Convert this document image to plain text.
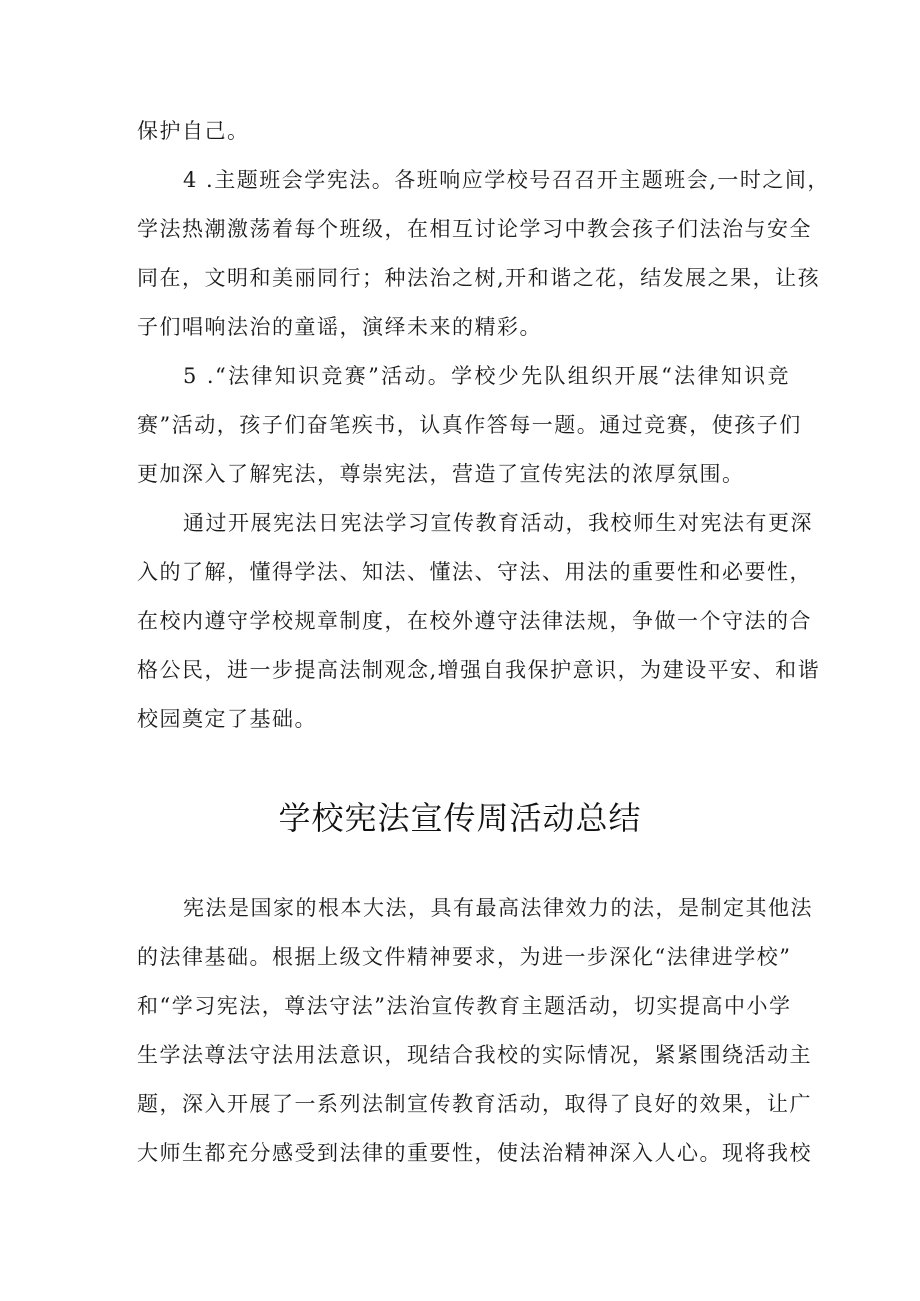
保护自己。
4 .主题班会学宪法。各班响应学校号召召开主题班会,一时之间，
学法热潮激荡着每个班级，在相互讨论学习中教会孩子们法治与安全
同在，文明和美丽同行；种法治之树,开和谐之花，结发展之果，让孩
子们唱响法治的童谣，演绎未来的精彩。
5 .“法律知识竞赛”活动。学校少先队组织开展“法律知识竞
赛”活动，孩子们奋笔疾书，认真作答每一题。通过竞赛，使孩子们
更加深入了解宪法，尊崇宪法，营造了宣传宪法的浓厚氛围。
通过开展宪法日宪法学习宣传教育活动，我校师生对宪法有更深
入的了解，懂得学法、知法、懂法、守法、用法的重要性和必要性，
在校内遵守学校规章制度，在校外遵守法律法规，争做一个守法的合
格公民，进一步提高法制观念,增强自我保护意识，为建设平安、和谐
校园奠定了基础。
学校宪法宣传周活动总结
宪法是国家的根本大法，具有最高法律效力的法，是制定其他法
的法律基础。根据上级文件精神要求，为进一步深化“法律进学校”
和“学习宪法，尊法守法”法治宣传教育主题活动，切实提高中小学
生学法尊法守法用法意识，现结合我校的实际情况，紧紧围绕活动主
题，深入开展了一系列法制宣传教育活动，取得了良好的效果，让广
大师生都充分感受到法律的重要性，使法治精神深入人心。现将我校
